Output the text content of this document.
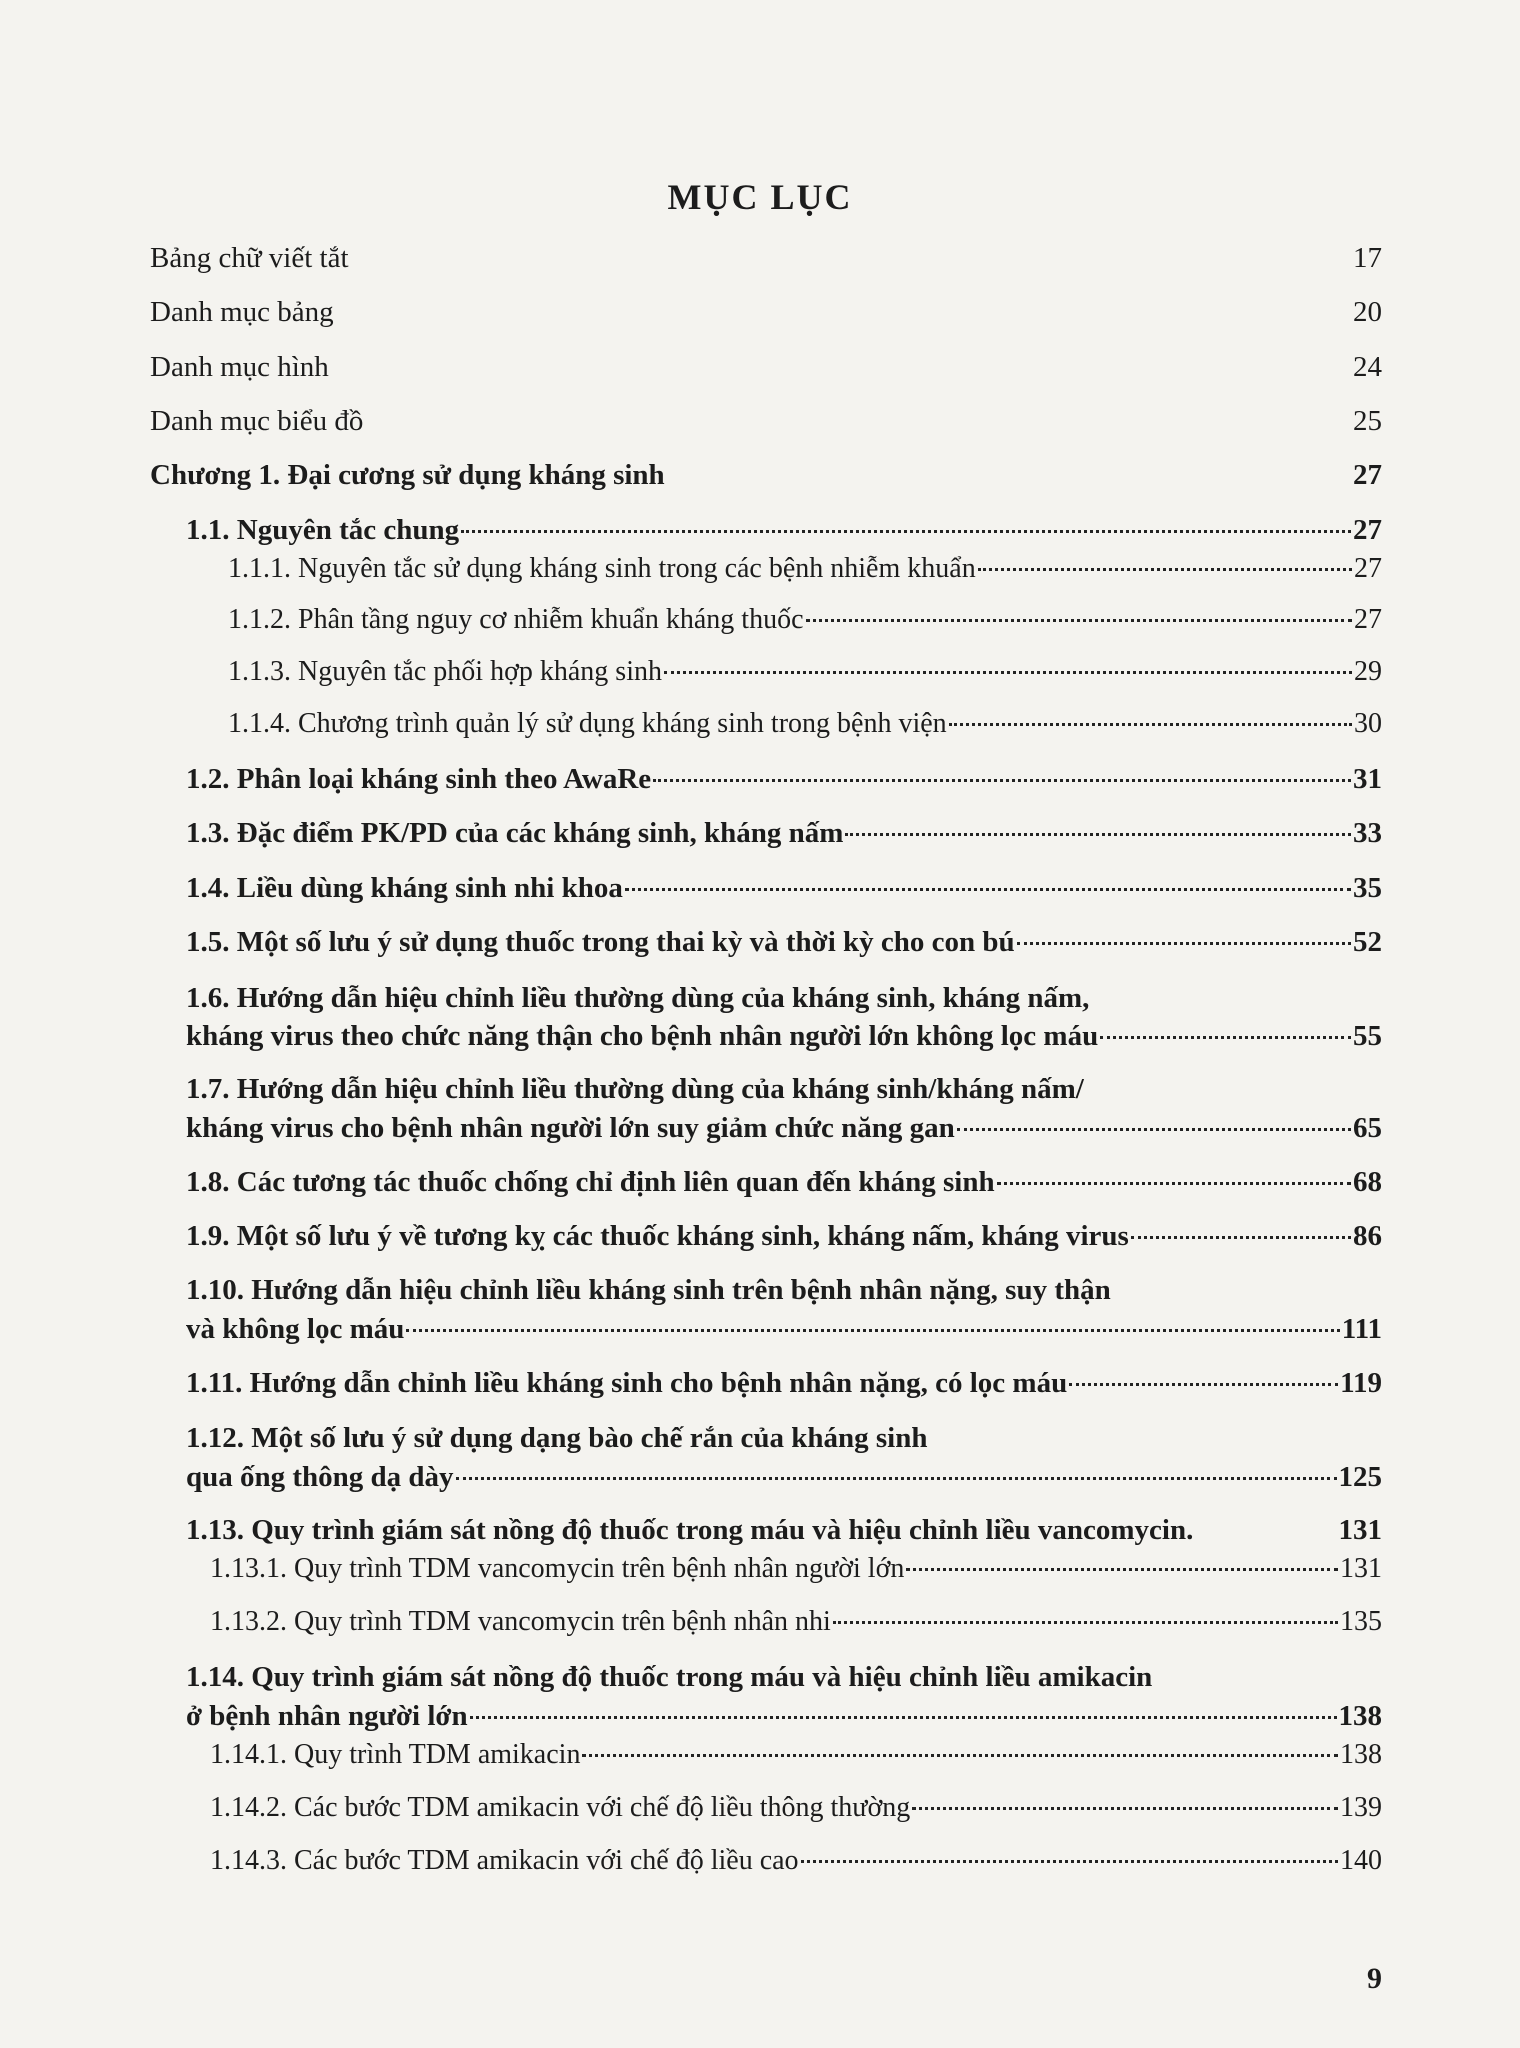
MỤC LỤC
Bảng chữ viết tắt	17
Danh mục bảng	20
Danh mục hình	24
Danh mục biểu đồ	25
Chương 1. Đại cương sử dụng kháng sinh	27
1.1. Nguyên tắc chung	27
1.1.1. Nguyên tắc sử dụng kháng sinh trong các bệnh nhiễm khuẩn	27
1.1.2. Phân tầng nguy cơ nhiễm khuẩn kháng thuốc	27
1.1.3. Nguyên tắc phối hợp kháng sinh	29
1.1.4. Chương trình quản lý sử dụng kháng sinh trong bệnh viện	30
1.2. Phân loại kháng sinh theo AwaRe	31
1.3. Đặc điểm PK/PD của các kháng sinh, kháng nấm	33
1.4. Liều dùng kháng sinh nhi khoa	35
1.5. Một số lưu ý sử dụng thuốc trong thai kỳ và thời kỳ cho con bú	52
1.6. Hướng dẫn hiệu chỉnh liều thường dùng của kháng sinh, kháng nấm,
kháng virus theo chức năng thận cho bệnh nhân người lớn không lọc máu	55
1.7. Hướng dẫn hiệu chỉnh liều thường dùng của kháng sinh/kháng nấm/
kháng virus cho bệnh nhân người lớn suy giảm chức năng gan	65
1.8. Các tương tác thuốc chống chỉ định liên quan đến kháng sinh	68
1.9. Một số lưu ý về tương kỵ các thuốc kháng sinh, kháng nấm, kháng virus	86
1.10. Hướng dẫn hiệu chỉnh liều kháng sinh trên bệnh nhân nặng, suy thận
và không lọc máu	111
1.11. Hướng dẫn chỉnh liều kháng sinh cho bệnh nhân nặng, có lọc máu	119
1.12. Một số lưu ý sử dụng dạng bào chế rắn của kháng sinh
qua ống thông dạ dày	125
1.13. Quy trình giám sát nồng độ thuốc trong máu và hiệu chỉnh liều vancomycin.	131
1.13.1. Quy trình TDM vancomycin trên bệnh nhân người lớn	131
1.13.2. Quy trình TDM vancomycin trên bệnh nhân nhi	135
1.14. Quy trình giám sát nồng độ thuốc trong máu và hiệu chỉnh liều amikacin
ở bệnh nhân người lớn	138
1.14.1. Quy trình TDM amikacin	138
1.14.2. Các bước TDM amikacin với chế độ liều thông thường	139
1.14.3. Các bước TDM amikacin với chế độ liều cao	140
9
